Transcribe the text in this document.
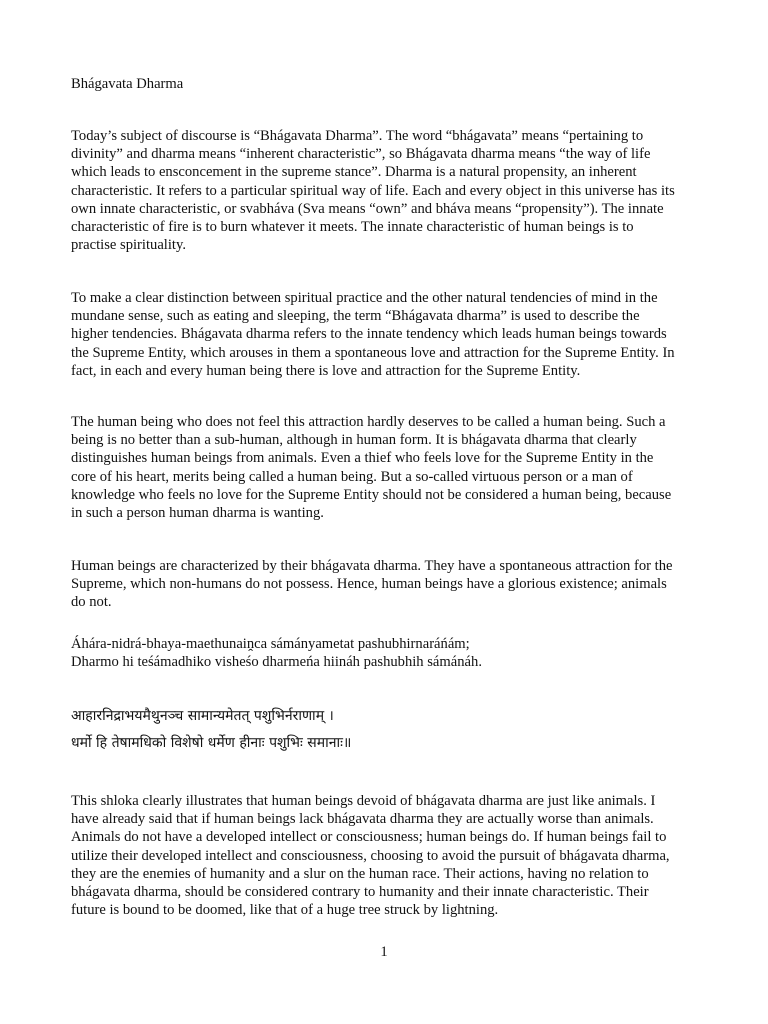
Bhágavata Dharma
Today’s subject of discourse is “Bhágavata Dharma”. The word “bhágavata” means “pertaining to
divinity” and dharma means “inherent characteristic”, so Bhágavata dharma means “the way of life
which leads to ensconcement in the supreme stance”. Dharma is a natural propensity, an inherent
characteristic. It refers to a particular spiritual way of life. Each and every object in this universe has its
own innate characteristic, or svabháva (Sva means “own” and bháva means “propensity”). The innate
characteristic of fire is to burn whatever it meets. The innate characteristic of human beings is to
practise spirituality.
To make a clear distinction between spiritual practice and the other natural tendencies of mind in the
mundane sense, such as eating and sleeping, the term “Bhágavata dharma” is used to describe the
higher tendencies. Bhágavata dharma refers to the innate tendency which leads human beings towards
the Supreme Entity, which arouses in them a spontaneous love and attraction for the Supreme Entity. In
fact, in each and every human being there is love and attraction for the Supreme Entity.
The human being who does not feel this attraction hardly deserves to be called a human being. Such a
being is no better than a sub-human, although in human form. It is bhágavata dharma that clearly
distinguishes human beings from animals. Even a thief who feels love for the Supreme Entity in the
core of his heart, merits being called a human being. But a so-called virtuous person or a man of
knowledge who feels no love for the Supreme Entity should not be considered a human being, because
in such a person human dharma is wanting.
Human beings are characterized by their bhágavata dharma. They have a spontaneous attraction for the
Supreme, which non-humans do not possess. Hence, human beings have a glorious existence; animals
do not.
Áhára-nidrá-bhaya-maethunaiṋca sámányametat pashubhirnaráńám;
Dharmo hi teśámadhiko visheśo dharmeńa hiináh pashubhih sámánáh.
आहारनिद्राभयमैथुनञ्च सामान्यमेतत् पशुभिर्नराणाम् ।
धर्मो हि तेषामधिको विशेषो धर्मेण हीनाः पशुभिः समानाः॥
This shloka clearly illustrates that human beings devoid of bhágavata dharma are just like animals. I
have already said that if human beings lack bhágavata dharma they are actually worse than animals.
Animals do not have a developed intellect or consciousness; human beings do. If human beings fail to
utilize their developed intellect and consciousness, choosing to avoid the pursuit of bhágavata dharma,
they are the enemies of humanity and a slur on the human race. Their actions, having no relation to
bhágavata dharma, should be considered contrary to humanity and their innate characteristic. Their
future is bound to be doomed, like that of a huge tree struck by lightning.
1
